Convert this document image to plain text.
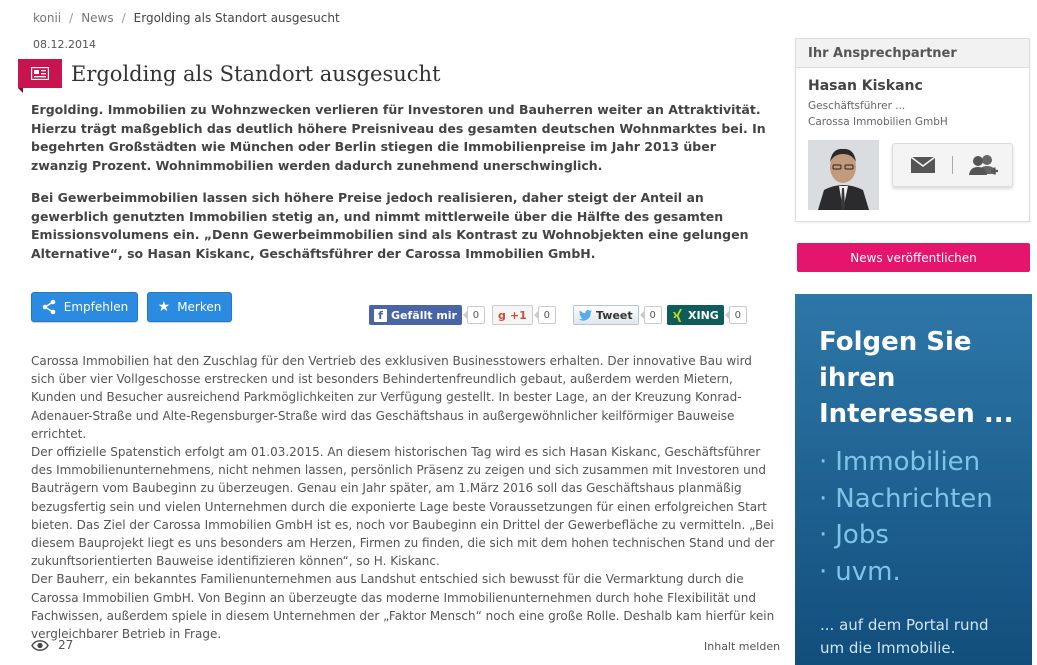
konii / News / Ergolding als Standort ausgesucht
08.12.2014
Ergolding als Standort ausgesucht

Ergolding. Immobilien zu Wohnzwecken verlieren für Investoren und Bauherren weiter an Attraktivität. Hierzu trägt maßgeblich das deutlich höhere Preisniveau des gesamten deutschen Wohnmarktes bei. In begehrten Großstädten wie München oder Berlin stiegen die Immobilienpreise im Jahr 2013 über zwanzig Prozent. Wohnimmobilien werden dadurch zunehmend unerschwinglich.

Bei Gewerbeimmobilien lassen sich höhere Preise jedoch realisieren, daher steigt der Anteil an gewerblich genutzten Immobilien stetig an, und nimmt mittlerweile über die Hälfte des gesamten Emissionsvolumens ein. „Denn Gewerbeimmobilien sind als Kontrast zu Wohnobjekten eine gelungen Alternative“, so Hasan Kiskanc, Geschäftsführer der Carossa Immobilien GmbH.

Empfehlen ★ Merken
f Gefällt mir	0	g +1	0	Tweet	0	XING	0
Carossa Immobilien hat den Zuschlag für den Vertrieb des exklusiven Businesstowers erhalten. Der innovative Bau wird sich über vier Vollgeschosse erstrecken und ist besonders Behindertenfreundlich gebaut, außerdem werden Mietern, Kunden und Besucher ausreichend Parkmöglichkeiten zur Verfügung gestellt. In bester Lage, an der Kreuzung Konrad-Adenauer-Straße und Alte-Regensburger-Straße wird das Geschäftshaus in außergewöhnlicher keilförmiger Bauweise errichtet.
Der offizielle Spatenstich erfolgt am 01.03.2015. An diesem historischen Tag wird es sich Hasan Kiskanc, Geschäftsführer des Immobilienunternehmens, nicht nehmen lassen, persönlich Präsenz zu zeigen und sich zusammen mit Investoren und Bauträgern vom Baubeginn zu überzeugen. Genau ein Jahr später, am 1.März 2016 soll das Geschäftshaus planmäßig bezugsfertig sein und vielen Unternehmen durch die exponierte Lage beste Voraussetzungen für einen erfolgreichen Start bieten. Das Ziel der Carossa Immobilien GmbH ist es, noch vor Baubeginn ein Drittel der Gewerbefläche zu vermitteln. „Bei diesem Bauprojekt liegt es uns besonders am Herzen, Firmen zu finden, die sich mit dem hohen technischen Stand und der zukunftsorientierten Bauweise identifizieren können“, so H. Kiskanc.
Der Bauherr, ein bekanntes Familienunternehmen aus Landshut entschied sich bewusst für die Vermarktung durch die Carossa Immobilien GmbH. Von Beginn an überzeugte das moderne Immobilienunternehmen durch hohe Flexibilität und Fachwissen, außerdem spiele in diesem Unternehmen der „Faktor Mensch“ noch eine große Rolle. Deshalb kam hierfür kein vergleichbarer Betrieb in Frage.
27	Inhalt melden
Ihr Ansprechpartner
Hasan Kiskanc
Geschäftsführer ...
Carossa Immobilien GmbH
News veröffentlichen
Folgen Sie
ihren
Interessen ...
· Immobilien
· Nachrichten
· Jobs
· uvm.
... auf dem Portal rund
um die Immobilie.
